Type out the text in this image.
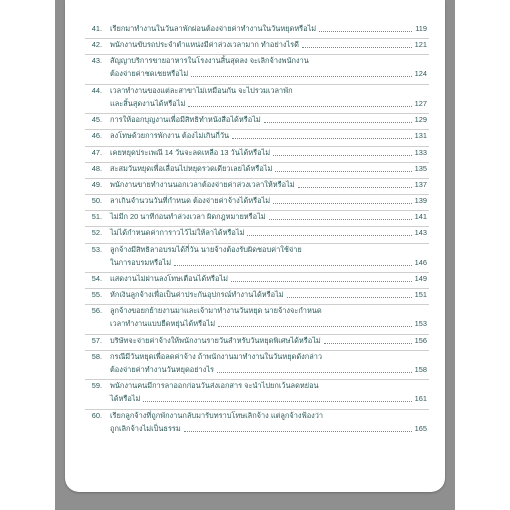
41.	เรียกมาทำงานในวันลาพักผ่อนต้องจ่ายค่าทำงานในวันหยุดหรือไม่	119
42.	พนักงานขับรถประจำตำแหน่งมีค่าล่วงเวลามาก ทำอย่างไรดี	121
43.	สัญญาบริการขายอาหารในโรงงานสิ้นสุดลง จะเลิกจ้างพนักงาน
ต้องจ่ายค่าชดเชยหรือไม่	124
44.	เวลาทำงานของแต่ละสาขาไม่เหมือนกัน จะไปรวมเวลาพัก
และสิ้นสุดงานได้หรือไม่	127
45.	การให้ออกบุญงานเพื่อมีสิทธิทำหนังสือได้หรือไม่	129
46.	ลงโทษด้วยการพักงาน ต้องไม่เกินกี่วัน	131
47.	เคยหยุดประเพณี 14 วันจะลดเหลือ 13 วันได้หรือไม่	133
48.	สะสมวันหยุดเพื่อเลื่อนไปหยุดรวดเดียวเลยได้หรือไม่	135
49.	พนักงานขายทำงานนอกเวลาต้องจ่ายค่าล่วงเวลาให้หรือไม่	137
50.	ลาเกินจำนวนวันที่กำหนด ต้องจ่ายค่าจ้างได้หรือไม่	139
51.	ไม่มีก 20 นาทีก่อนทำล่วงเวลา ผิดกฎหมายหรือไม่	141
52.	ไม่ได้กำหนดค่าการาวไว้ไม่ให้ลาได้หรือไม่	143
53.	ลูกจ้างมีสิทธิลาอบรมได้กี่วัน นายจ้างต้องรับผิดชอบค่าใช้จ่าย
ในการอบรมหรือไม่	146
54.	แสดงานไม่ผ่านลงโทษเตือนได้หรือไม่	149
55.	หักเงินลูกจ้างเพื่อเป็นค่าประกันอุปกรณ์ทำงานได้หรือไม่	151
56.	ลูกจ้างขอยกย้ายงานมาและเจ้ามาทำงานวันหยุด นายจ้างจะกำหนด
เวลาทำงานแบบยืดหยุ่นได้หรือไม่	153
57.	บริษัทจะจ่ายค่าจ้างให้พนักงานรายวันสำหรับวันหยุดพิเศษได้หรือไม่	156
58.	กรณีมีวันหยุดเพื่อลดค่าจ้าง ถ้าพนักงานมาทำงานในวันหยุดดังกล่าว
ต้องจ่ายค่าทำงานวันหยุดอย่างไร	158
59.	พนักงานคนมีการลาออกก่อนวันส่งเอกสาร จะนำไปยกเว้นลดหย่อน
ได้หรือไม่	161
60.	เรียกลูกจ้างที่ถูกพักงานกลับมารับทราบโทษเลิกจ้าง แต่ลูกจ้างฟ้องว่า
ถูกเลิกจ้างไม่เป็นธรรม	165
